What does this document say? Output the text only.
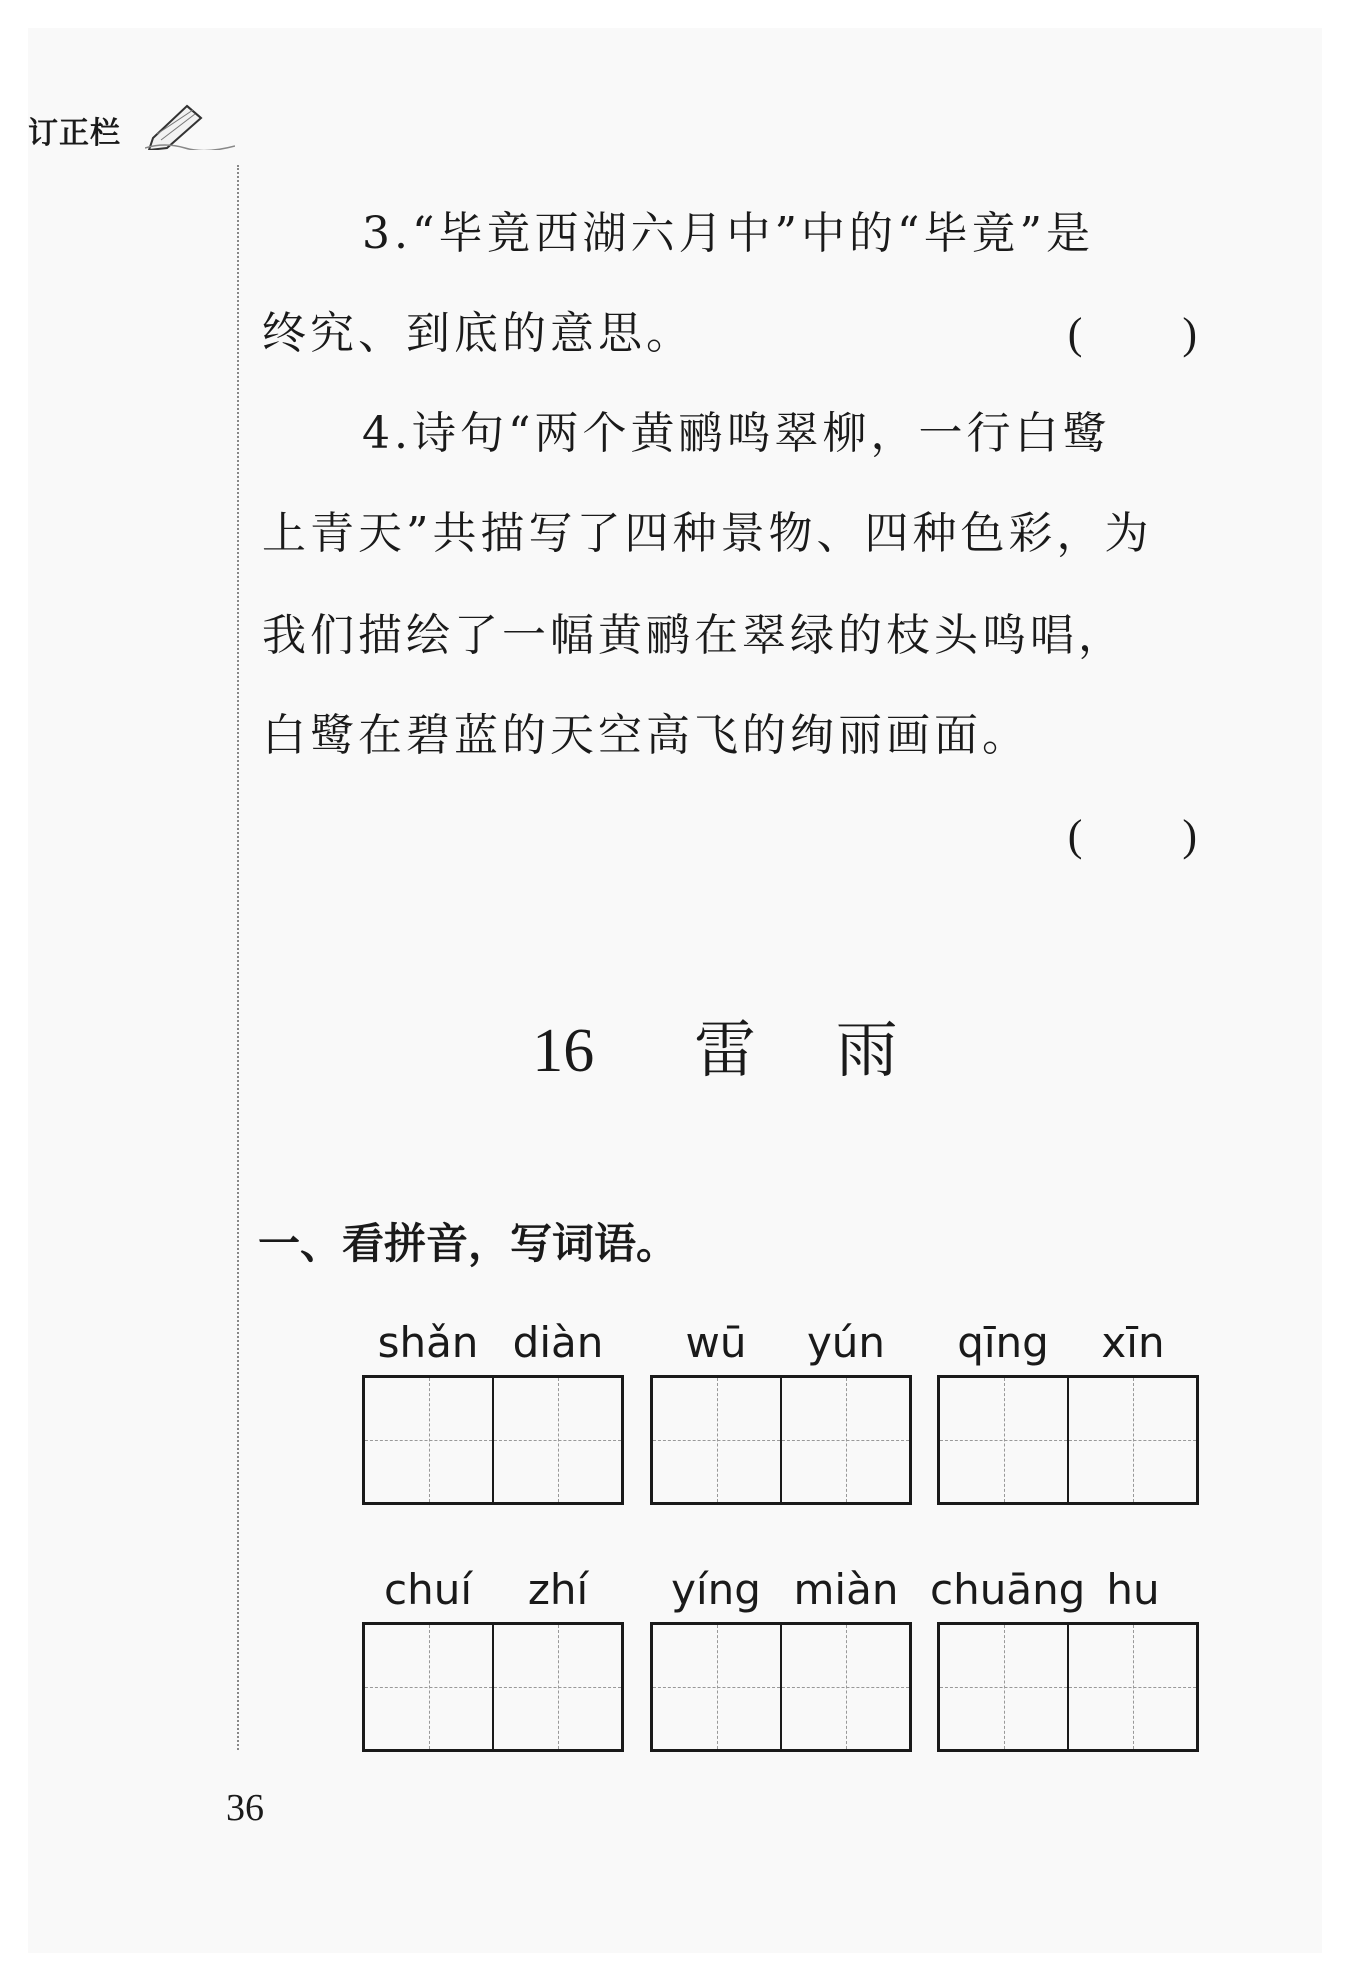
订正栏
3.“毕竟西湖六月中”中的“毕竟”是
终究、到底的意思。	( )
4.诗句“两个黄鹂鸣翠柳，一行白鹭
上青天”共描写了四种景物、四种色彩，为
我们描绘了一幅黄鹂在翠绿的枝头鸣唱，
白鹭在碧蓝的天空高飞的绚丽画面。
( )
16 雷 雨
一、看拼音，写词语。
shǎn diàn	wū	yún	qīng	xīn
chuí	zhí	yíng miàn chuāng hu
36
